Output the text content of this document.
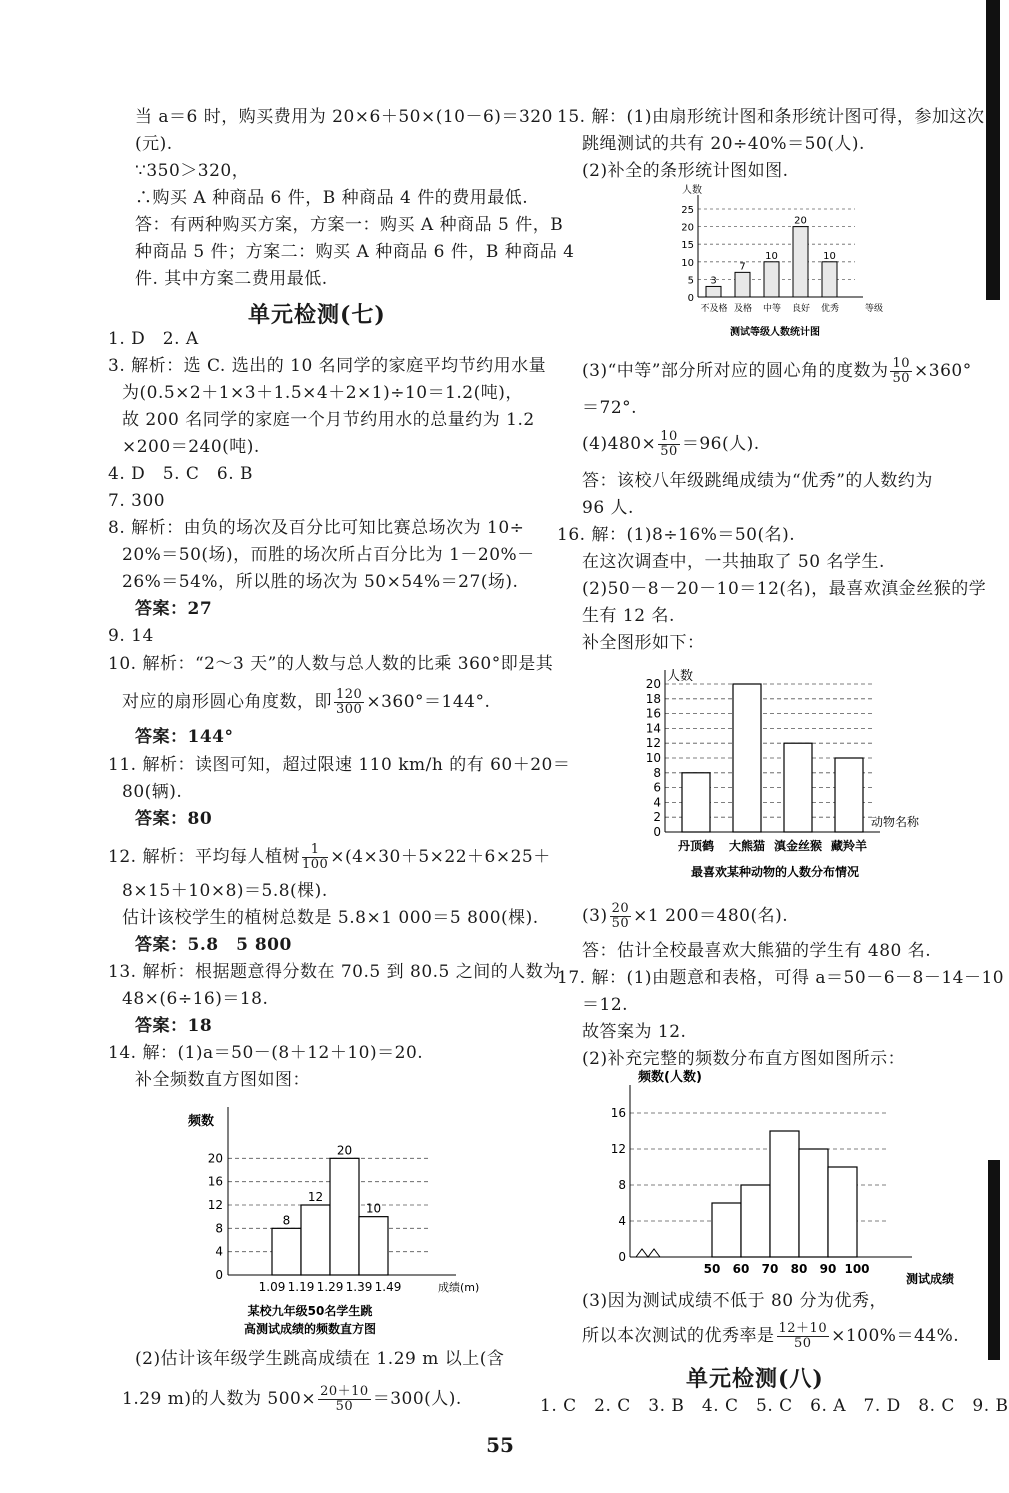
当 a＝6 时，购买费用为 20×6＋50×(10－6)＝320
(元).
∵350＞320，
∴购买 A 种商品 6 件，B 种商品 4 件的费用最低.
答：有两种购买方案，方案一：购买 A 种商品 5 件，B
种商品 5 件；方案二：购买 A 种商品 6 件，B 种商品 4
件. 其中方案二费用最低.
单元检测(七)
1. D　2. A
3. 解析：选 C. 选出的 10 名同学的家庭平均节约用水量
为(0.5×2＋1×3＋1.5×4＋2×1)÷10＝1.2(吨)，
故 200 名同学的家庭一个月节约用水的总量约为 1.2
×200＝240(吨).
4. D　5. C　6. B
7. 300
8. 解析：由负的场次及百分比可知比赛总场次为 10÷
20%＝50(场)，而胜的场次所占百分比为 1－20%－
26%＝54%，所以胜的场次为 50×54%＝27(场).
答案：27
9. 14
10. 解析：“2～3 天”的人数与总人数的比乘 360°即是其
对应的扇形圆心角度数，即 $\frac{120}{300} \times 360^\circ=144^\circ$.
答案：144°
11. 解析：读图可知，超过限速 110 km/h 的有 60＋20＝
80(辆).
答案：80
12. 解析：平均每人植树 $\frac{1}{100} \times(4\times 30+5\times 22+6\times 25+$
8×15＋10×8)＝5.8(棵).
估计该校学生的植树总数是 5.8×1 000＝5 800(棵).
答案：5.8　5 800
13. 解析：根据题意得分数在 70.5 到 80.5 之间的人数为
48×(6÷16)＝18.
答案：18
14. 解：(1)a＝50－(8＋12＋10)＝20.
补全频数直方图如图：
0
4
8
12
16
20
频数
8
12
20
10
1.09 1.19 1.29 1.39 1.49	成绩(m)
某校九年级50名学生跳
高测试成绩的频数直方图
(2)估计该年级学生跳高成绩在 1.29 m 以上(含
1.29 m)的人数为 $500\times \frac{20+10}{50} =300$(人).
15. 解：(1)由扇形统计图和条形统计图可得，参加这次
跳绳测试的共有 20÷40%＝50(人).
(2)补全的条形统计图如图.
0
5
10
15
20
25
人数
3
7
10
20
10
不及格 及格 中等 良好 优秀	等级
测试等级人数统计图
(3)“中等”部分所对应的圆心角的度数为 $\frac{10}{50} \times 360^\circ$
＝72°.
$(4)480\times \frac{10}{50} =96$(人).
答：该校八年级跳绳成绩为“优秀”的人数约为
96 人.
16. 解：(1)8÷16%＝50(名).
在这次调查中，一共抽取了 50 名学生.
(2)50－8－20－10＝12(名)，最喜欢滇金丝猴的学
生有 12 名.
补全图形如下：
0
2
4
6
8
10
12
14
16
18
20 人数
丹顶鹤 大熊猫 滇金丝猴 藏羚羊
动物名称
最喜欢某种动物的人数分布情况
$(3) \frac{20}{50} \times 1$ 200＝480(名).
答：估计全校最喜欢大熊猫的学生有 480 名.
17. 解：(1)由题意和表格，可得 a＝50－6－8－14－10
＝12.
故答案为 12.
(2)补充完整的频数分布直方图如图所示：
0
4
8
12
16
频数(人数)
50 60 70 80 90 100
测试成绩
(3)因为测试成绩不低于 80 分为优秀，
所以本次测试的优秀率是 $\frac{12+10}{50} \times 100\%=44\%$.
单元检测(八)
1. C　2. C　3. B　4. C　5. C　6. A　7. D　8. C　9. B
55
